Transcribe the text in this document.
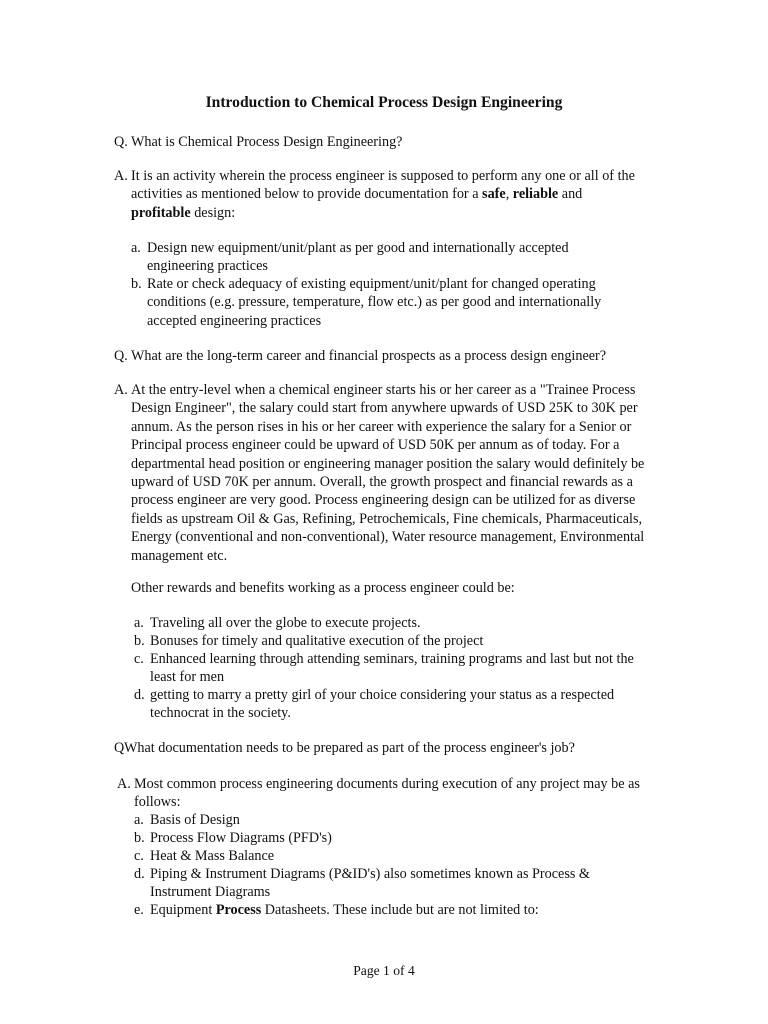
Introduction to Chemical Process Design Engineering
Q. What is Chemical Process Design Engineering?
A. It is an activity wherein the process engineer is supposed to perform any one or all of the activities as mentioned below to provide documentation for a safe, reliable and profitable design:
a. Design new equipment/unit/plant as per good and internationally accepted engineering practices
b. Rate or check adequacy of existing equipment/unit/plant for changed operating conditions (e.g. pressure, temperature, flow etc.) as per good and internationally accepted engineering practices
Q. What are the long-term career and financial prospects as a process design engineer?
A. At the entry-level when a chemical engineer starts his or her career as a "Trainee Process Design Engineer", the salary could start from anywhere upwards of USD 25K to 30K per annum. As the person rises in his or her career with experience the salary for a Senior or Principal process engineer could be upward of USD 50K per annum as of today. For a departmental head position or engineering manager position the salary would definitely be upward of USD 70K per annum. Overall, the growth prospect and financial rewards as a process engineer are very good. Process engineering design can be utilized for as diverse fields as upstream Oil & Gas, Refining, Petrochemicals, Fine chemicals, Pharmaceuticals, Energy (conventional and non-conventional), Water resource management, Environmental management etc.
Other rewards and benefits working as a process engineer could be:
a. Traveling all over the globe to execute projects.
b. Bonuses for timely and qualitative execution of the project
c. Enhanced learning through attending seminars, training programs and last but not the least for men
d. getting to marry a pretty girl of your choice considering your status as a respected technocrat in the society.
Q What documentation needs to be prepared as part of the process engineer's job?
A. Most common process engineering documents during execution of any project may be as follows:
a. Basis of Design
b. Process Flow Diagrams (PFD's)
c. Heat & Mass Balance
d. Piping & Instrument Diagrams (P&ID's) also sometimes known as Process & Instrument Diagrams
e. Equipment Process Datasheets. These include but are not limited to:
Page 1 of 4
